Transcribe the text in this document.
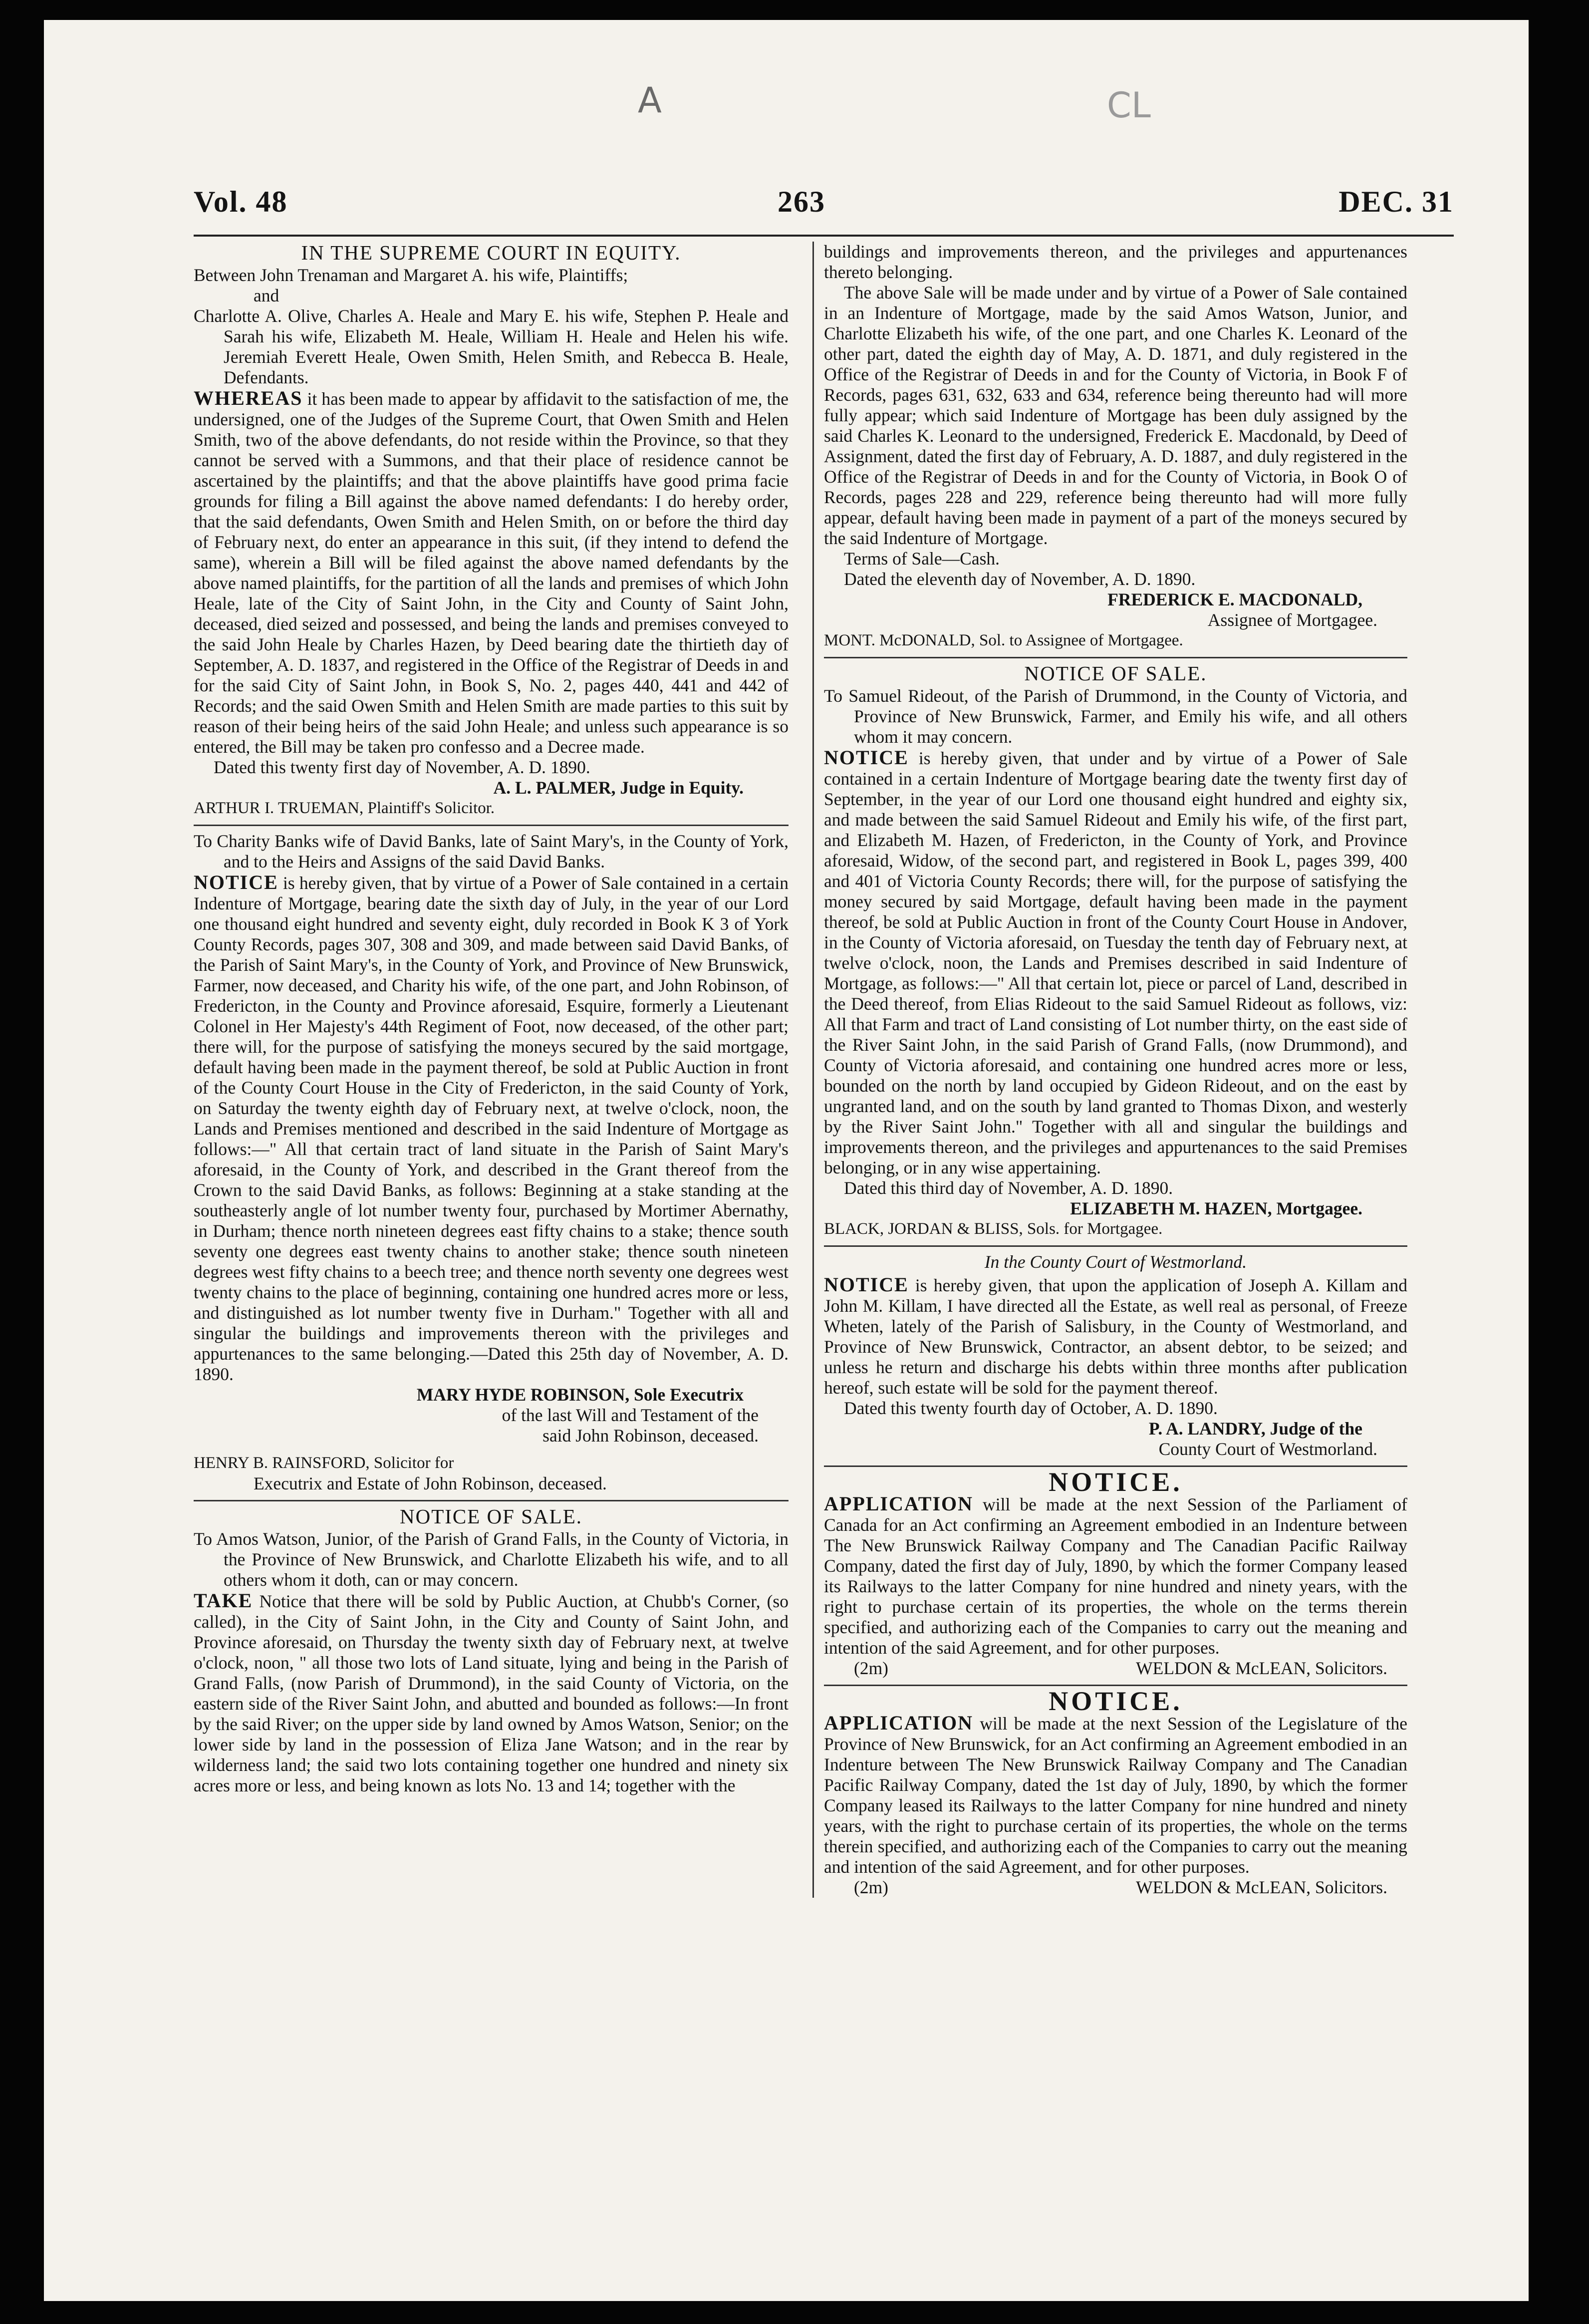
A	CL
Vol. 48	263	DEC. 31
IN THE SUPREME COURT IN EQUITY.

Between John Trenaman and Margaret A. his wife, Plaintiffs;

and

Charlotte A. Olive, Charles A. Heale and Mary E. his wife, Stephen P. Heale and Sarah his wife, Elizabeth M. Heale, William H. Heale and Helen his wife. Jeremiah Everett Heale, Owen Smith, Helen Smith, and Rebecca B. Heale, Defendants.

WHEREAS it has been made to appear by affidavit to the satisfaction of me, the undersigned, one of the Judges of the Supreme Court, that Owen Smith and Helen Smith, two of the above defendants, do not reside within the Province, so that they cannot be served with a Summons, and that their place of residence cannot be ascertained by the plaintiffs; and that the above plaintiffs have good prima facie grounds for filing a Bill against the above named defendants: I do hereby order, that the said defendants, Owen Smith and Helen Smith, on or before the third day of February next, do enter an appearance in this suit, (if they intend to defend the same), wherein a Bill will be filed against the above named defendants by the above named plaintiffs, for the partition of all the lands and premises of which John Heale, late of the City of Saint John, in the City and County of Saint John, deceased, died seized and possessed, and being the lands and premises conveyed to the said John Heale by Charles Hazen, by Deed bearing date the thirtieth day of September, A. D. 1837, and registered in the Office of the Registrar of Deeds in and for the said City of Saint John, in Book S, No. 2, pages 440, 441 and 442 of Records; and the said Owen Smith and Helen Smith are made parties to this suit by reason of their being heirs of the said John Heale; and unless such appearance is so entered, the Bill may be taken pro confesso and a Decree made.

Dated this twenty first day of November, A. D. 1890.

A. L. PALMER, Judge in Equity.

ARTHUR I. TRUEMAN, Plaintiff's Solicitor.

To Charity Banks wife of David Banks, late of Saint Mary's, in the County of York, and to the Heirs and Assigns of the said David Banks.

NOTICE is hereby given, that by virtue of a Power of Sale contained in a certain Indenture of Mortgage, bearing date the sixth day of July, in the year of our Lord one thousand eight hundred and seventy eight, duly recorded in Book K 3 of York County Records, pages 307, 308 and 309, and made between said David Banks, of the Parish of Saint Mary's, in the County of York, and Province of New Brunswick, Farmer, now deceased, and Charity his wife, of the one part, and John Robinson, of Fredericton, in the County and Province aforesaid, Esquire, formerly a Lieutenant Colonel in Her Majesty's 44th Regiment of Foot, now deceased, of the other part; there will, for the purpose of satisfying the moneys secured by the said mortgage, default having been made in the payment thereof, be sold at Public Auction in front of the County Court House in the City of Fredericton, in the said County of York, on Saturday the twenty eighth day of February next, at twelve o'clock, noon, the Lands and Premises mentioned and described in the said Indenture of Mortgage as follows:—" All that certain tract of land situate in the Parish of Saint Mary's aforesaid, in the County of York, and described in the Grant thereof from the Crown to the said David Banks, as follows: Beginning at a stake standing at the southeasterly angle of lot number twenty four, purchased by Mortimer Abernathy, in Durham; thence north nineteen degrees east fifty chains to a stake; thence south seventy one degrees east twenty chains to another stake; thence south nineteen degrees west fifty chains to a beech tree; and thence north seventy one degrees west twenty chains to the place of beginning, containing one hundred acres more or less, and distinguished as lot number twenty five in Durham." Together with all and singular the buildings and improvements thereon with the privileges and appurtenances to the same belonging.—Dated this 25th day of November, A. D. 1890.

MARY HYDE ROBINSON, Sole Executrix

of the last Will and Testament of the

said John Robinson, deceased.

HENRY B. RAINSFORD, Solicitor for

Executrix and Estate of John Robinson, deceased.

NOTICE OF SALE.

To Amos Watson, Junior, of the Parish of Grand Falls, in the County of Victoria, in the Province of New Brunswick, and Charlotte Elizabeth his wife, and to all others whom it doth, can or may concern.

TAKE Notice that there will be sold by Public Auction, at Chubb's Corner, (so called), in the City of Saint John, in the City and County of Saint John, and Province aforesaid, on Thursday the twenty sixth day of February next, at twelve o'clock, noon, " all those two lots of Land situate, lying and being in the Parish of Grand Falls, (now Parish of Drummond), in the said County of Victoria, on the eastern side of the River Saint John, and abutted and bounded as follows:—In front by the said River; on the upper side by land owned by Amos Watson, Senior; on the lower side by land in the possession of Eliza Jane Watson; and in the rear by wilderness land; the said two lots containing together one hundred and ninety six acres more or less, and being known as lots No. 13 and 14; together with the

buildings and improvements thereon, and the privileges and appurtenances thereto belonging.

The above Sale will be made under and by virtue of a Power of Sale contained in an Indenture of Mortgage, made by the said Amos Watson, Junior, and Charlotte Elizabeth his wife, of the one part, and one Charles K. Leonard of the other part, dated the eighth day of May, A. D. 1871, and duly registered in the Office of the Registrar of Deeds in and for the County of Victoria, in Book F of Records, pages 631, 632, 633 and 634, reference being thereunto had will more fully appear; which said Indenture of Mortgage has been duly assigned by the said Charles K. Leonard to the undersigned, Frederick E. Macdonald, by Deed of Assignment, dated the first day of February, A. D. 1887, and duly registered in the Office of the Registrar of Deeds in and for the County of Victoria, in Book O of Records, pages 228 and 229, reference being thereunto had will more fully appear, default having been made in payment of a part of the moneys secured by the said Indenture of Mortgage.

Terms of Sale—Cash.

Dated the eleventh day of November, A. D. 1890.

FREDERICK E. MACDONALD,

Assignee of Mortgagee.

MONT. McDONALD, Sol. to Assignee of Mortgagee.

NOTICE OF SALE.

To Samuel Rideout, of the Parish of Drummond, in the County of Victoria, and Province of New Brunswick, Farmer, and Emily his wife, and all others whom it may concern.

NOTICE is hereby given, that under and by virtue of a Power of Sale contained in a certain Indenture of Mortgage bearing date the twenty first day of September, in the year of our Lord one thousand eight hundred and eighty six, and made between the said Samuel Rideout and Emily his wife, of the first part, and Elizabeth M. Hazen, of Fredericton, in the County of York, and Province aforesaid, Widow, of the second part, and registered in Book L, pages 399, 400 and 401 of Victoria County Records; there will, for the purpose of satisfying the money secured by said Mortgage, default having been made in the payment thereof, be sold at Public Auction in front of the County Court House in Andover, in the County of Victoria aforesaid, on Tuesday the tenth day of February next, at twelve o'clock, noon, the Lands and Premises described in said Indenture of Mortgage, as follows:—" All that certain lot, piece or parcel of Land, described in the Deed thereof, from Elias Rideout to the said Samuel Rideout as follows, viz: All that Farm and tract of Land consisting of Lot number thirty, on the east side of the River Saint John, in the said Parish of Grand Falls, (now Drummond), and County of Victoria aforesaid, and containing one hundred acres more or less, bounded on the north by land occupied by Gideon Rideout, and on the east by ungranted land, and on the south by land granted to Thomas Dixon, and westerly by the River Saint John." Together with all and singular the buildings and improvements thereon, and the privileges and appurtenances to the said Premises belonging, or in any wise appertaining.

Dated this third day of November, A. D. 1890.

ELIZABETH M. HAZEN, Mortgagee.

BLACK, JORDAN & BLISS, Sols. for Mortgagee.

In the County Court of Westmorland.

NOTICE is hereby given, that upon the application of Joseph A. Killam and John M. Killam, I have directed all the Estate, as well real as personal, of Freeze Wheten, lately of the Parish of Salisbury, in the County of Westmorland, and Province of New Brunswick, Contractor, an absent debtor, to be seized; and unless he return and discharge his debts within three months after publication hereof, such estate will be sold for the payment thereof.

Dated this twenty fourth day of October, A. D. 1890.

P. A. LANDRY, Judge of the

County Court of Westmorland.

NOTICE.

APPLICATION will be made at the next Session of the Parliament of Canada for an Act confirming an Agreement embodied in an Indenture between The New Brunswick Railway Company and The Canadian Pacific Railway Company, dated the first day of July, 1890, by which the former Company leased its Railways to the latter Company for nine hundred and ninety years, with the right to purchase certain of its properties, the whole on the terms therein specified, and authorizing each of the Companies to carry out the meaning and intention of the said Agreement, and for other purposes.

(2m)	WELDON & McLEAN, Solicitors.

NOTICE.

APPLICATION will be made at the next Session of the Legislature of the Province of New Brunswick, for an Act confirming an Agreement embodied in an Indenture between The New Brunswick Railway Company and The Canadian Pacific Railway Company, dated the 1st day of July, 1890, by which the former Company leased its Railways to the latter Company for nine hundred and ninety years, with the right to purchase certain of its properties, the whole on the terms therein specified, and authorizing each of the Companies to carry out the meaning and intention of the said Agreement, and for other purposes.

(2m)	WELDON & McLEAN, Solicitors.
